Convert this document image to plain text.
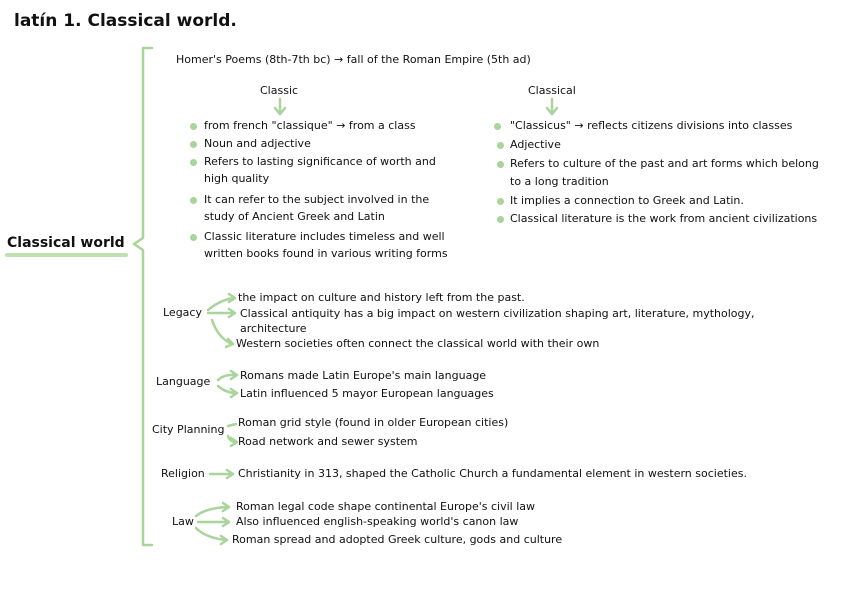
latín 1. Classical world.
Classical world
Homer's Poems (8th-7th bc) → fall of the Roman Empire (5th ad)
Classic
from french "classique" → from a class
Noun and adjective
Refers to lasting significance of worth and
high quality
It can refer to the subject involved in the
study of Ancient Greek and Latin
Classic literature includes timeless and well
written books found in various writing forms
Classical
"Classicus" → reflects citizens divisions into classes
Adjective
Refers to culture of the past and art forms which belong
to a long tradition
It implies a connection to Greek and Latin.
Classical literature is the work from ancient civilizations
Legacy
the impact on culture and history left from the past.
Classical antiquity has a big impact on western civilization shaping art, literature, mythology,
architecture
Western societies often connect the classical world with their own
Language	Romans made Latin Europe's main language
Latin influenced 5 mayor European languages
City Planning
Roman grid style (found in older European cities)
Road network and sewer system
Religion	Christianity in 313, shaped the Catholic Church a fundamental element in western societies.
Law
Roman legal code shape continental Europe's civil law
Also influenced english-speaking world's canon law
Roman spread and adopted Greek culture, gods and culture
